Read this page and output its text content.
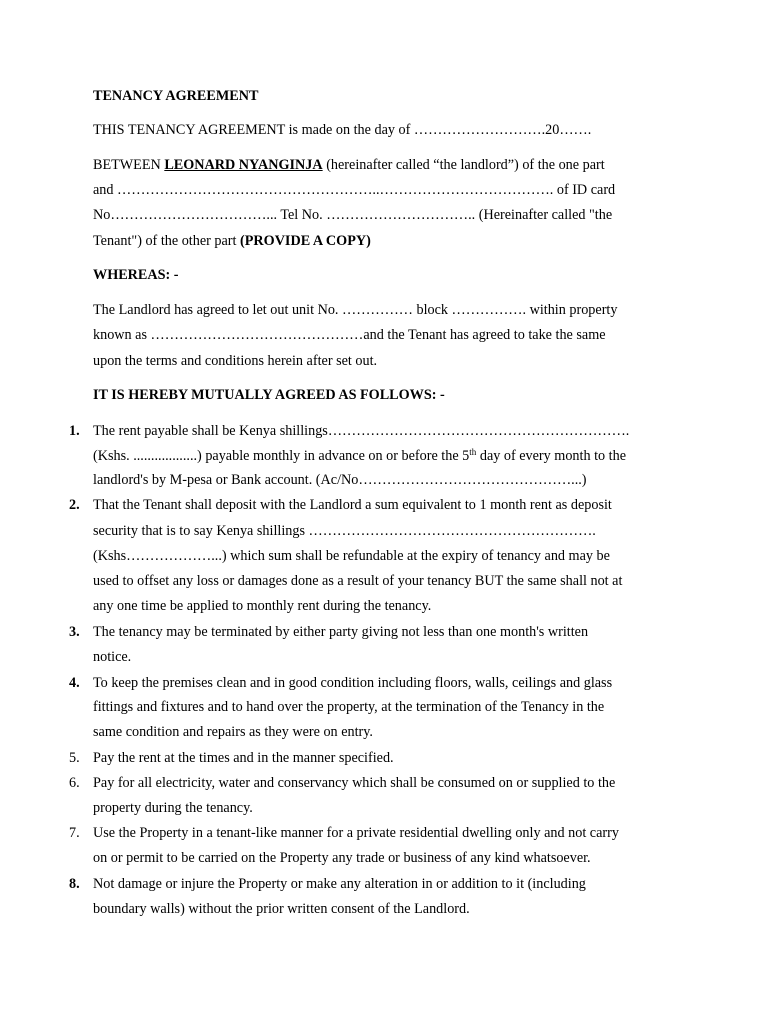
TENANCY AGREEMENT
THIS TENANCY AGREEMENT is made on the day of ……………………….20…….
BETWEEN LEONARD NYANGINJA (hereinafter called “the landlord”) of the one part
and ………………………………………………..………………………………. of ID card
No……………………………... Tel No. ………………………….. (Hereinafter called "the
Tenant") of the other part (PROVIDE A COPY)
WHEREAS: -
The Landlord has agreed to let out unit No. …………… block ……………. within property
known as ………………………………………and the Tenant has agreed to take the same
upon the terms and conditions herein after set out.
IT IS HEREBY MUTUALLY AGREED AS FOLLOWS: -
1. The rent payable shall be Kenya shillings……………………………………………………….
(Kshs. ..................) payable monthly in advance on or before the 5th day of every month to the
landlord's by M-pesa or Bank account. (Ac/No………………………………………...)
2. That the Tenant shall deposit with the Landlord a sum equivalent to 1 month rent as deposit
security that is to say Kenya shillings …………………………………………………….
(Kshs………………...) which sum shall be refundable at the expiry of tenancy and may be
used to offset any loss or damages done as a result of your tenancy BUT the same shall not at
any one time be applied to monthly rent during the tenancy.
3. The tenancy may be terminated by either party giving not less than one month's written
notice.
4. To keep the premises clean and in good condition including floors, walls, ceilings and glass
fittings and fixtures and to hand over the property, at the termination of the Tenancy in the
same condition and repairs as they were on entry.
5. Pay the rent at the times and in the manner specified.
6. Pay for all electricity, water and conservancy which shall be consumed on or supplied to the
property during the tenancy.
7. Use the Property in a tenant-like manner for a private residential dwelling only and not carry
on or permit to be carried on the Property any trade or business of any kind whatsoever.
8. Not damage or injure the Property or make any alteration in or addition to it (including
boundary walls) without the prior written consent of the Landlord.
